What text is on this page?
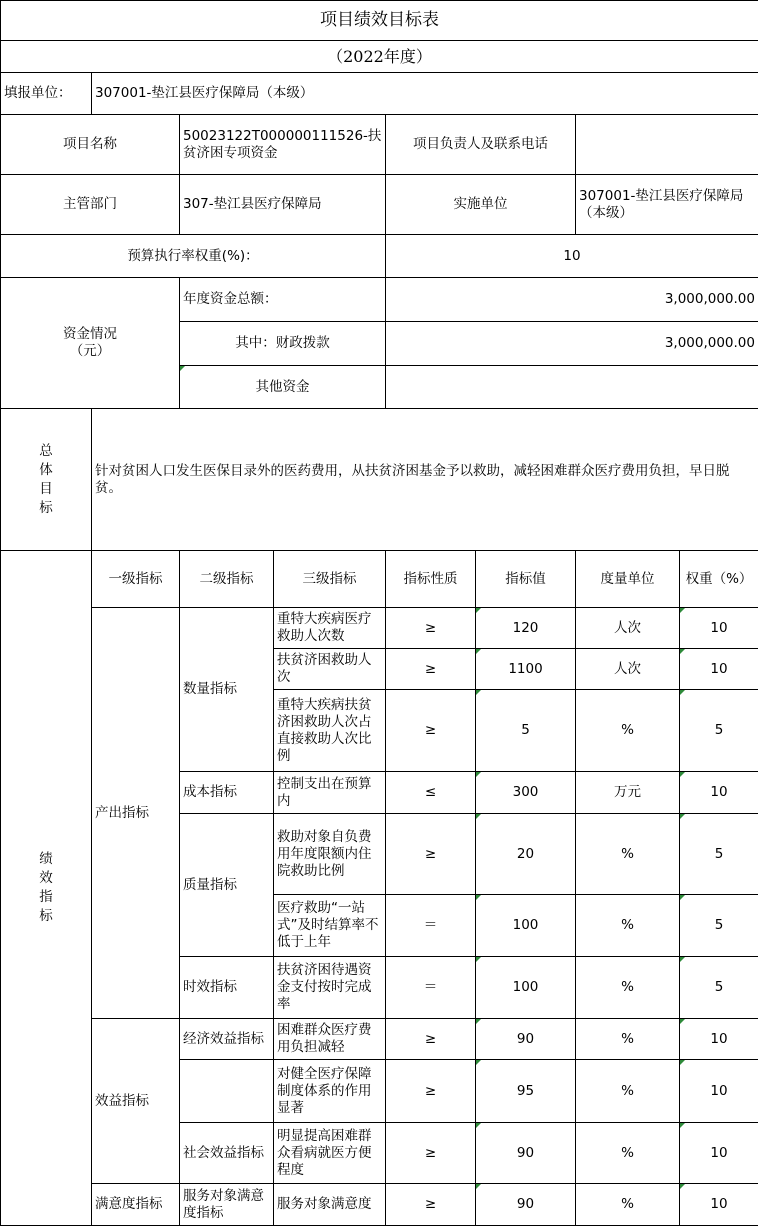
项目绩效目标表							
（2022年度）							
填报单位：	307001-垫江县医疗保障局（本级）						
项目名称		50023122T000000111526-扶贫济困专项资金		项目负责人及联系电话			
主管部门		307-垫江县医疗保障局		实施单位		307001-垫江县医疗保障局（本级）	
预算执行率权重(%)：				10			
资金情况（元）		年度资金总额：		3,000,000.00			
		其中：财政拨款		3,000,000.00			
		其他资金					
总体目标	针对贫困人口发生医保目录外的医药费用，从扶贫济困基金予以救助，减轻困难群众医疗费用负担，早日脱贫。						
绩效指标	一级指标	二级指标	三级指标	指标性质	指标值	度量单位	权重（%）
	产出指标	数量指标	重特大疾病医疗救助人次数	≥	120	人次	10
			扶贫济困救助人次	≥	1100	人次	10
			重特大疾病扶贫济困救助人次占直接救助人次比例	≥	5	%	5
		成本指标	控制支出在预算内	≤	300	万元	10
		质量指标	救助对象自负费用年度限额内住院救助比例	≥	20	%	5
			医疗救助“一站式”及时结算率不低于上年	＝	100	%	5
		时效指标	扶贫济困待遇资金支付按时完成率	＝	100	%	5
	效益指标	经济效益指标	困难群众医疗费用负担减轻	≥	90	%	10
			对健全医疗保障制度体系的作用显著	≥	95	%	10
		社会效益指标	明显提高困难群众看病就医方便程度	≥	90	%	10
	满意度指标	服务对象满意度指标	服务对象满意度	≥	90	%	10
